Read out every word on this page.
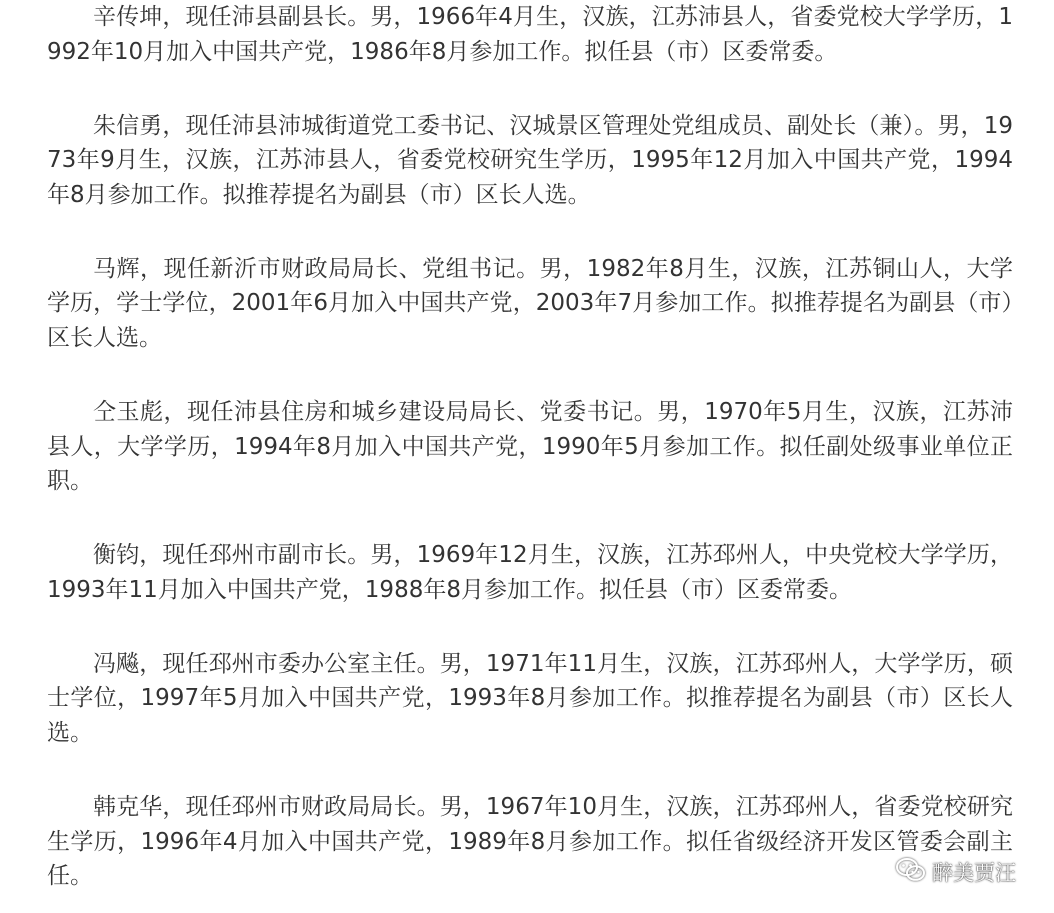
辛传坤，现任沛县副县长。男，1966年4月生，汉族，江苏沛县人，省委党校大学学历，1992年10月加入中国共产党，1986年8月参加工作。拟任县（市）区委常委。

朱信勇，现任沛县沛城街道党工委书记、汉城景区管理处党组成员、副处长（兼）。男，1973年9月生，汉族，江苏沛县人，省委党校研究生学历，1995年12月加入中国共产党，1994年8月参加工作。拟推荐提名为副县（市）区长人选。

马辉，现任新沂市财政局局长、党组书记。男，1982年8月生，汉族，江苏铜山人，大学学历，学士学位，2001年6月加入中国共产党，2003年7月参加工作。拟推荐提名为副县（市）区长人选。

仝玉彪，现任沛县住房和城乡建设局局长、党委书记。男，1970年5月生，汉族，江苏沛县人，大学学历，1994年8月加入中国共产党，1990年5月参加工作。拟任副处级事业单位正职。

衡钧，现任邳州市副市长。男，1969年12月生，汉族，江苏邳州人，中央党校大学学历，1993年11月加入中国共产党，1988年8月参加工作。拟任县（市）区委常委。

冯飚，现任邳州市委办公室主任。男，1971年11月生，汉族，江苏邳州人，大学学历，硕士学位，1997年5月加入中国共产党，1993年8月参加工作。拟推荐提名为副县（市）区长人选。

韩克华，现任邳州市财政局局长。男，1967年10月生，汉族，江苏邳州人，省委党校研究生学历，1996年4月加入中国共产党，1989年8月参加工作。拟任省级经济开发区管委会副主任。	醉美贾汪
